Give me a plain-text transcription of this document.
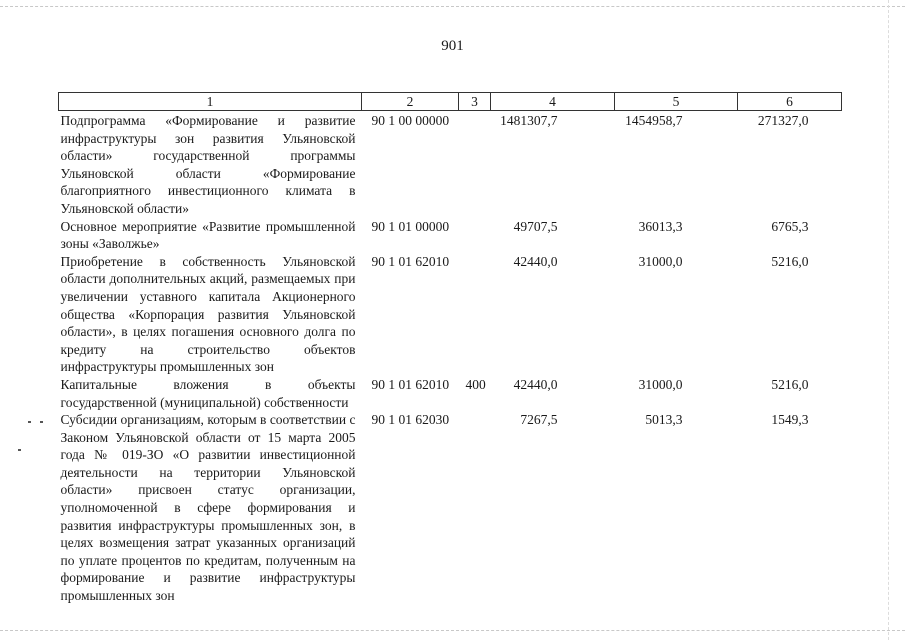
901
1	2	3	4	5	6
Подпрограмма «Формирование и развитие инфраструктуры зон развития Ульяновской области» государственной программы Ульяновской области «Формирование благоприятного инвестиционного климата в Ульяновской области»	90 1 00 00000		1481307,7	1454958,7	271327,0
Основное мероприятие «Развитие промышленной зоны «Заволжье»	90 1 01 00000		49707,5	36013,3	6765,3
Приобретение в собственность Ульяновской области дополнительных акций, размещаемых при увеличении уставного капитала Акционерного общества «Корпорация развития Ульяновской области», в целях погашения основного долга по кредиту на строительство объектов инфраструктуры промышленных зон	90 1 01 62010		42440,0	31000,0	5216,0
Капитальные вложения в объекты государственной (муниципальной) собственности	90 1 01 62010	400	42440,0	31000,0	5216,0
Субсидии организациям, которым в соответствии с Законом Ульяновской области от 15 марта 2005 года № 019-ЗО «О развитии инвестиционной деятельности на территории Ульяновской области» присвоен статус организации, уполномоченной в сфере формирования и развития инфраструктуры промышленных зон, в целях возмещения затрат указанных организаций по уплате процентов по кредитам, полученным на формирование и развитие инфраструктуры промышленных зон	90 1 01 62030		7267,5	5013,3	1549,3
